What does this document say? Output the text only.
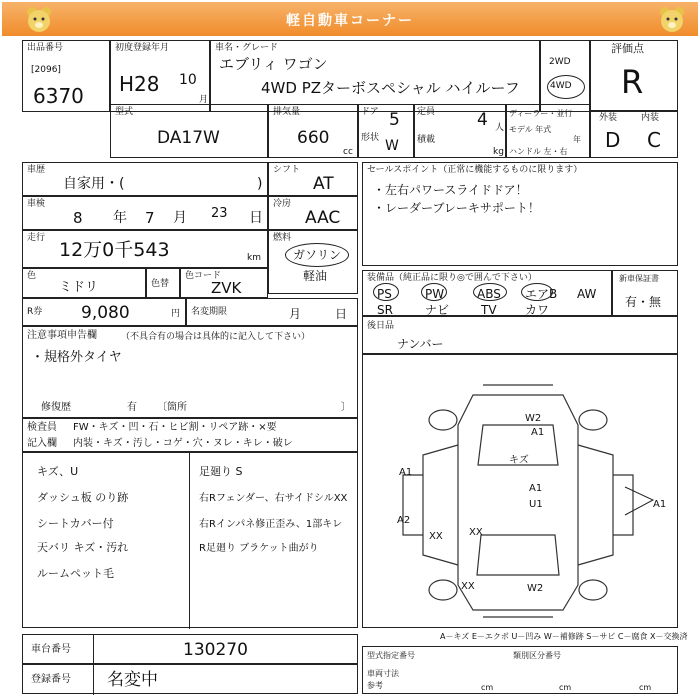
軽自動車コーナー
出品番号
[2096]
6370
初度登録年月
H28 10
月
車名・グレード
エブリィ ワゴン
4WD PZターボスペシャル ハイルーフ
2WD
4WD
評価点
R
型式
DA17W
排気量
660
cc
ドア 5
形状 W
定員 4 人
積載
kg
ディーラー・並行
モデル 年式
年
ハンドル 左・右
外装	内装
D C
車歴
自家用・(	)
シフト
AT
車検
8 年 7 月 23 日
冷房
AAC
走行
12万0千543	km
燃料
ガソリン
軽油
色
ミドリ	色替
色コード
ZVK
R券 9,080	円 名変期限	月	日
セールスポイント（正常に機能するものに限ります）
・左右パワースライドドア！
・レーダーブレーキサポート！
装備品（純正品に限り◎で囲んで下さい）
PS	PW	ABS エアB AW
SR	ナビ	TV カワ
新車保証書
有・無
注意事項申告欄	（不具合有の場合は具体的に記入して下さい）
・規格外タイヤ
修復歴	有 〔箇所	〕
後日品
ナンバー
検査員 FW・キズ・凹・石・ヒビ割・リペア跡・×要
記入欄 内装・キズ・汚し・コゲ・穴・ヌレ・キレ・破レ
キズ、U
ダッシュ板 のり跡
シートカバー付
天バリ キズ・汚れ
ルームペット毛
足廻り S
右Rフェンダー、右サイドシルXX
右Rインパネ修正歪み、1部キレ
R足廻り ブラケット曲がり
W2
A1
キズ
A1
U1
A1
A1
A2
XX	XX
XX	W2
車台番号	130270
登録番号 名変中
A－キズ E－エクボ U－凹み W－補修跡 S－サビ C－腐食 X－交換済
型式指定番号	類別区分番号
車両寸法
参考	cm	cm	cm
